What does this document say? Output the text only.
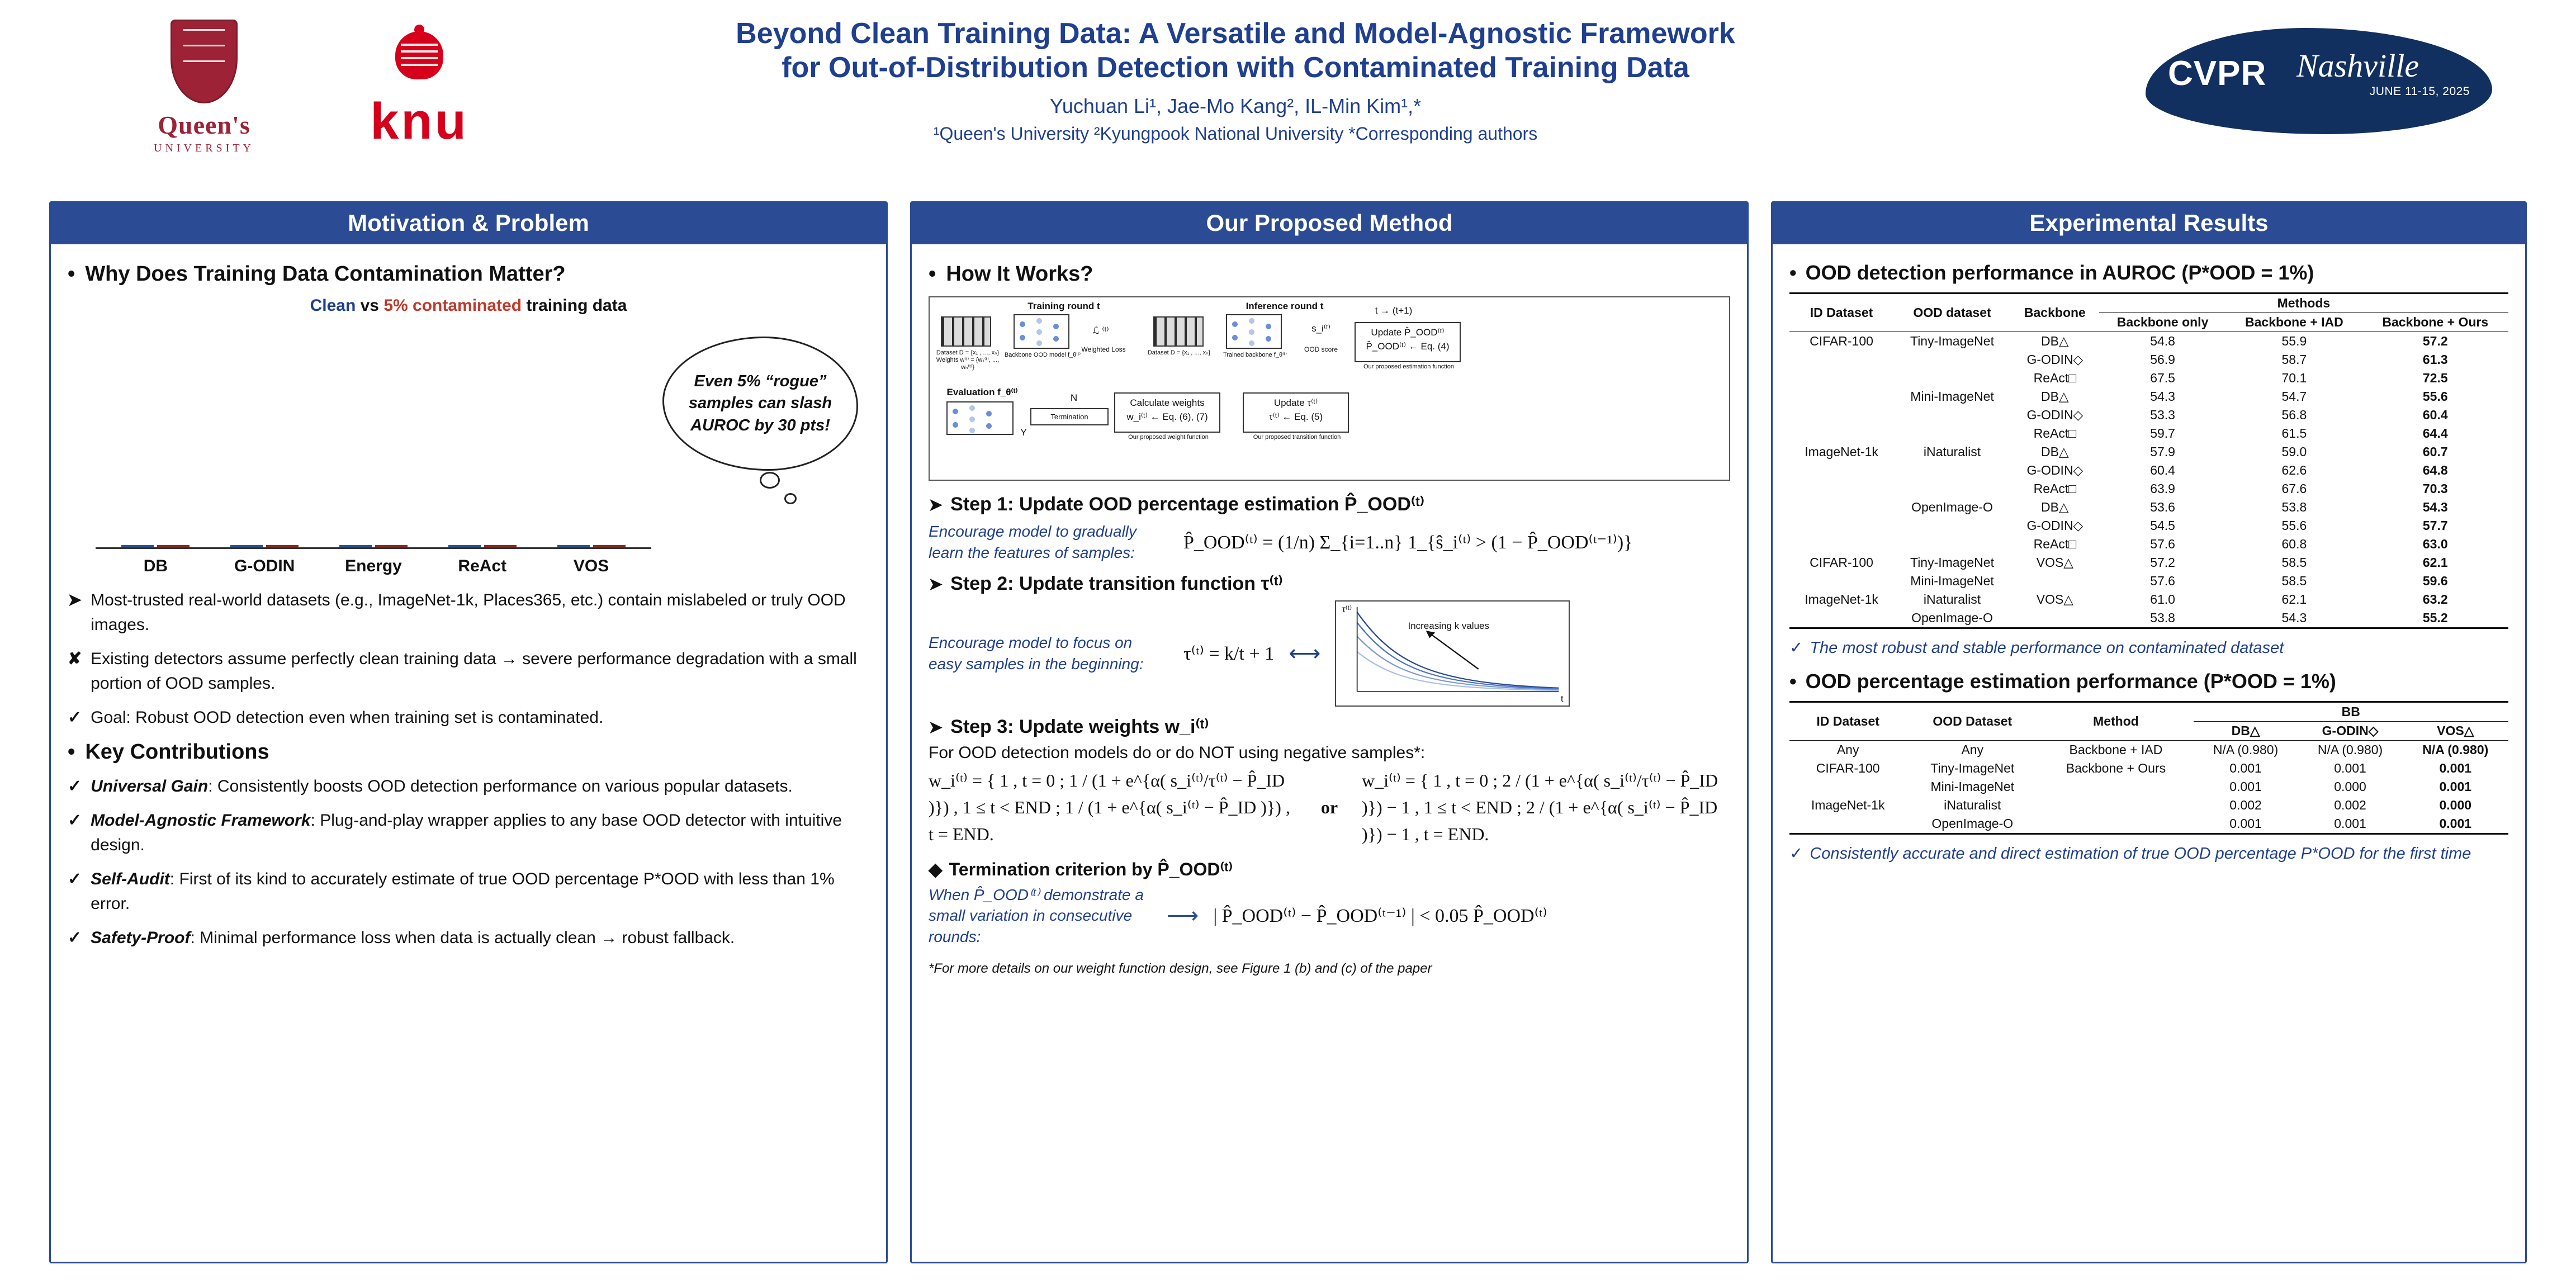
Queen's
UNIVERSITY	knu
Beyond Clean Training Data: A Versatile and Model-Agnostic Framework
for Out-of-Distribution Detection with Contaminated Training Data
Yuchuan Li¹, Jae-Mo Kang², IL-Min Kim¹,*
¹Queen's University ²Kyungpook National University *Corresponding authors
CVPR Nashville
JUNE 11-15, 2025
Motivation & Problem
• Why Does Training Data Contamination Matter?
Clean vs 5% contaminated training data
DB	G-ODIN	Energy	ReAct	VOS
Even 5% “rogue” samples can slash AUROC by 30 pts!
➤ Most-trusted real-world datasets (e.g., ImageNet-1k, Places365, etc.) contain mislabeled or truly OOD images.
✘ Existing detectors assume perfectly clean training data → severe performance degradation with a small portion of OOD samples.
✓ Goal: Robust OOD detection even when training set is contaminated.
• Key Contributions
✓ Universal Gain: Consistently boosts OOD detection performance on various popular datasets.
✓ Model-Agnostic Framework: Plug-and-play wrapper applies to any base OOD detector with intuitive design.
✓ Self-Audit: First of its kind to accurately estimate of true OOD percentage P*OOD with less than 1% error.
✓ Safety-Proof: Minimal performance loss when data is actually clean → robust fallback.
Our Proposed Method
• How It Works?
Training round t	Inference round t
Dataset D = {x₁ , ..., xₙ} Weights w⁽ᵗ⁾ = {w₁⁽ᵗ⁾, ..., wₙ⁽ᵗ⁾}
Backbone OOD model f_θ⁽ᵗ⁾
ℒ ⁽ᵗ⁾
Weighted Loss	Dataset D = {x₁ , ..., xₙ}	Trained backbone f_θ⁽ᵗ⁾
s_i⁽ᵗ⁾
OOD score
t → (t+1)
Update P̂_OOD⁽ᵗ⁾
P̂_OOD⁽ᵗ⁾ ← Eq. (4)
Our proposed estimation function
Update τ⁽ᵗ⁾
τ⁽ᵗ⁾ ← Eq. (5)
Our proposed transition function
Calculate weights
w_i⁽ᵗ⁾ ← Eq. (6), (7)
Our proposed weight function
Evaluation f_θ⁽ᵗ⁾
Termination
N
Y
➤ Step 1: Update OOD percentage estimation P̂_OOD⁽ᵗ⁾
Encourage model to gradually learn the features of samples:	P̂_OOD⁽ᵗ⁾ = (1/n) Σ_{i=1..n} 1_{ŝ_i⁽ᵗ⁾ > (1 − P̂_OOD⁽ᵗ⁻¹⁾)}
➤ Step 2: Update transition function τ⁽ᵗ⁾
Encourage model to focus on easy samples in the beginning:	τ⁽ᵗ⁾ = k/t + 1 ⟷
Increasing k values
τ⁽ᵗ⁾
t
➤ Step 3: Update weights w_i⁽ᵗ⁾
For OOD detection models do or do NOT using negative samples*:
w_i⁽ᵗ⁾ = { 1 , t = 0 ; 1 / (1 + e^{α( s_i⁽ᵗ⁾/τ⁽ᵗ⁾ − P̂_ID )}) , 1 ≤ t < END ; 1 / (1 + e^{α( s_i⁽ᵗ⁾ − P̂_ID )}) , t = END.
or
w_i⁽ᵗ⁾ = { 1 , t = 0 ; 2 / (1 + e^{α( s_i⁽ᵗ⁾/τ⁽ᵗ⁾ − P̂_ID )}) − 1 , 1 ≤ t < END ; 2 / (1 + e^{α( s_i⁽ᵗ⁾ − P̂_ID )}) − 1 , t = END.
◆ Termination criterion by P̂_OOD⁽ᵗ⁾
When P̂_OOD⁽ᵗ⁾ demonstrate a small variation in consecutive rounds:
⟶ | P̂_OOD⁽ᵗ⁾ − P̂_OOD⁽ᵗ⁻¹⁾ | < 0.05 P̂_OOD⁽ᵗ⁾
*For more details on our weight function design, see Figure 1 (b) and (c) of the paper
Experimental Results
• OOD detection performance in AUROC (P*OOD = 1%)
ID Dataset	OOD dataset	Backbone	Methods		
			Backbone only	Backbone + IAD	Backbone + Ours
CIFAR-100	Tiny-ImageNet	DB△	54.8	55.9	57.2
		G-ODIN◇	56.9	58.7	61.3
		ReAct□	67.5	70.1	72.5
	Mini-ImageNet	DB△	54.3	54.7	55.6
		G-ODIN◇	53.3	56.8	60.4
		ReAct□	59.7	61.5	64.4
ImageNet-1k	iNaturalist	DB△	57.9	59.0	60.7
		G-ODIN◇	60.4	62.6	64.8
		ReAct□	63.9	67.6	70.3
	OpenImage-O	DB△	53.6	53.8	54.3
		G-ODIN◇	54.5	55.6	57.7
		ReAct□	57.6	60.8	63.0
CIFAR-100	Tiny-ImageNet	VOS△	57.2	58.5	62.1
	Mini-ImageNet		57.6	58.5	59.6
ImageNet-1k	iNaturalist	VOS△	61.0	62.1	63.2
	OpenImage-O		53.8	54.3	55.2
✓ The most robust and stable performance on contaminated dataset
• OOD percentage estimation performance (P*OOD = 1%)
ID Dataset	OOD Dataset	Method	BB		
			DB△	G-ODIN◇	VOS△
Any	Any	Backbone + IAD	N/A (0.980)	N/A (0.980)	N/A (0.980)
CIFAR-100	Tiny-ImageNet	Backbone + Ours	0.001	0.001	0.001
	Mini-ImageNet		0.001	0.000	0.001
ImageNet-1k	iNaturalist		0.002	0.002	0.000
	OpenImage-O		0.001	0.001	0.001
✓ Consistently accurate and direct estimation of true OOD percentage P*OOD for the first time
